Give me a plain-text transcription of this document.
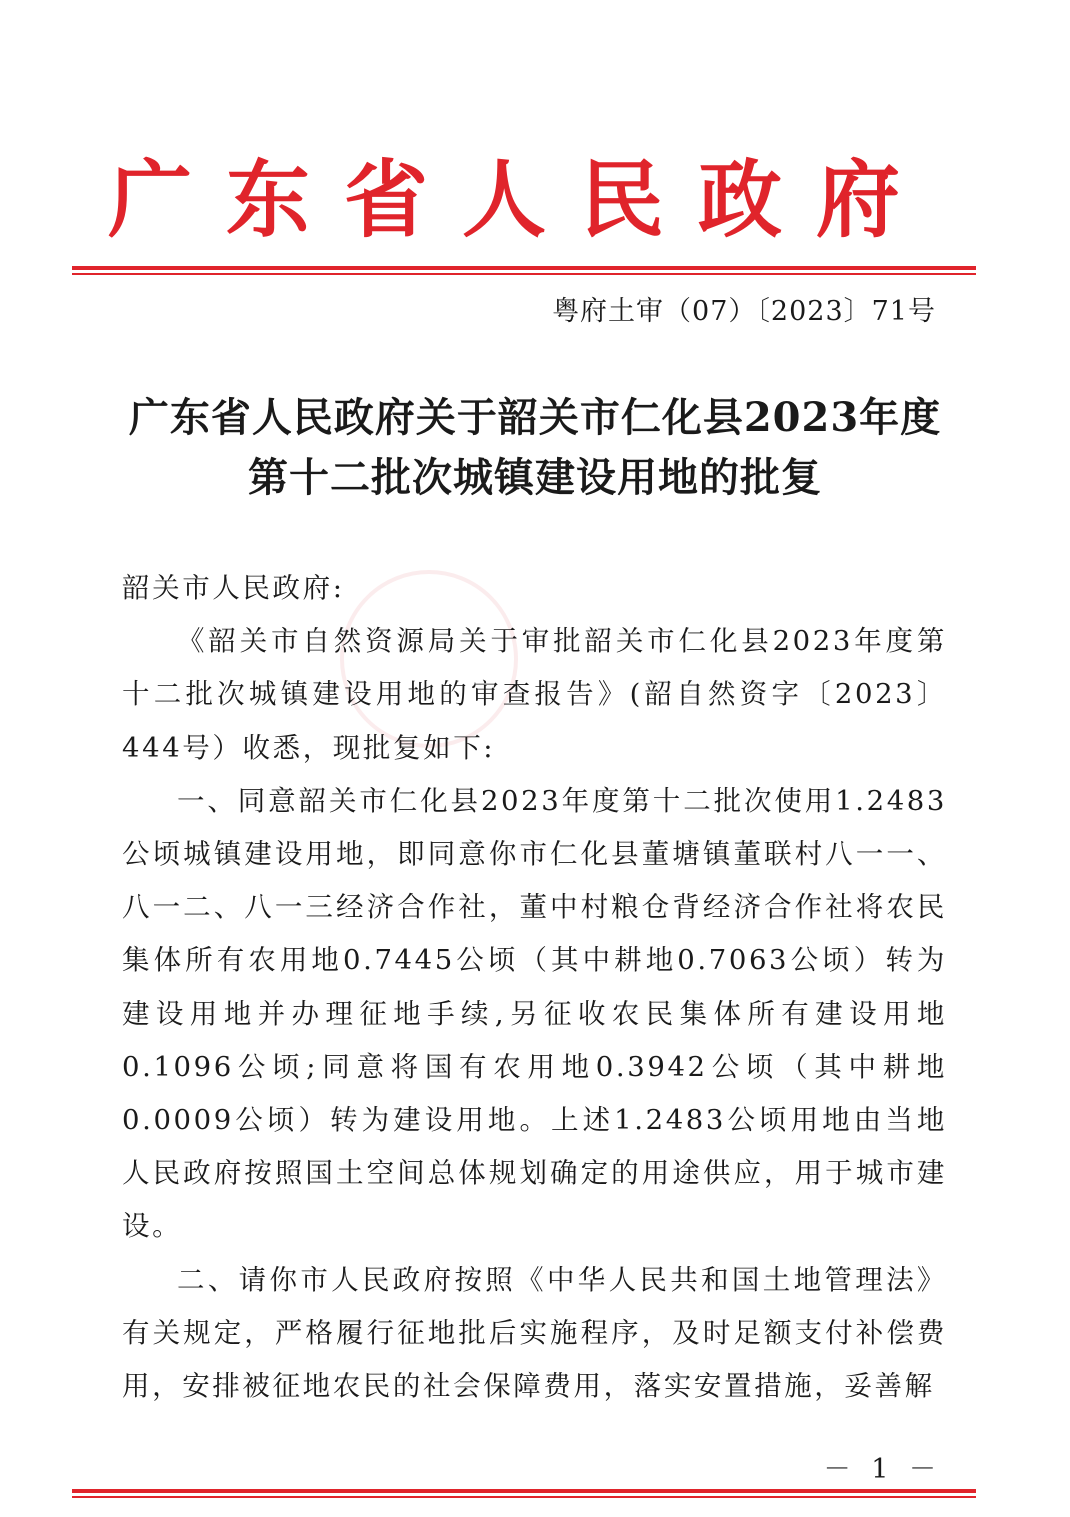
广东省人民政府
粤府土审（07）〔2023〕71号
广东省人民政府关于韶关市仁化县2023年度
第十二批次城镇建设用地的批复

韶关市人民政府:

《韶关市自然资源局关于审批韶关市仁化县2023年度第十二批次城镇建设用地的审查报告》(韶自然资字〔2023〕444号）收悉，现批复如下:

一、同意韶关市仁化县2023年度第十二批次使用1.2483公顷城镇建设用地，即同意你市仁化县董塘镇董联村八一一、八一二、八一三经济合作社，董中村粮仓背经济合作社将农民集体所有农用地0.7445公顷（其中耕地0.7063公顷）转为建设用地并办理征地手续,另征收农民集体所有建设用地0.1096公顷;同意将国有农用地0.3942公顷（其中耕地0.0009公顷）转为建设用地。上述1.2483公顷用地由当地人民政府按照国土空间总体规划确定的用途供应，用于城市建设。

二、请你市人民政府按照《中华人民共和国土地管理法》有关规定，严格履行征地批后实施程序，及时足额支付补偿费用，安排被征地农民的社会保障费用，落实安置措施，妥善解

－ 1 －
